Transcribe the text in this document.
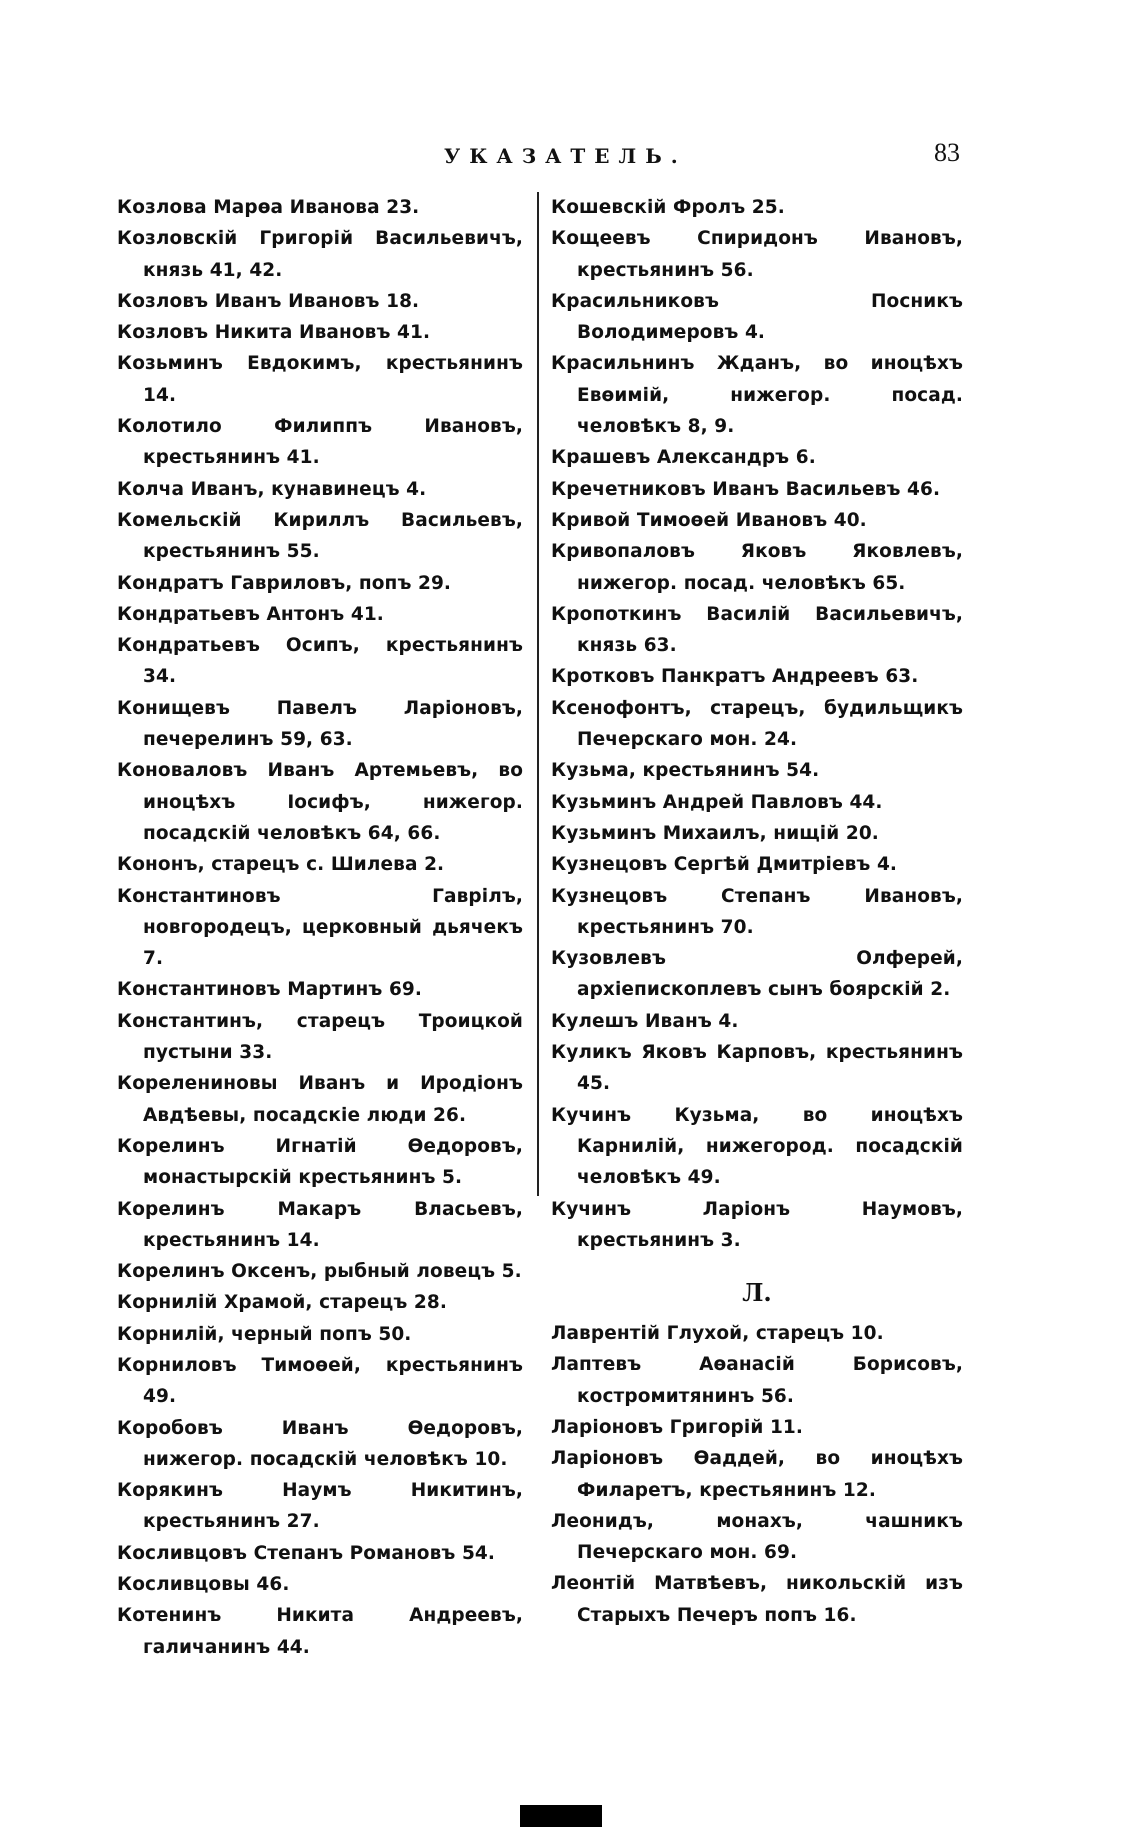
УКАЗАТЕЛЬ.	83
Козлова Марѳа Иванова 23.
Козловскій Григорій Васильевичъ, князь 41, 42.
Козловъ Иванъ Ивановъ 18.
Козловъ Никита Ивановъ 41.
Козьминъ Евдокимъ, крестьянинъ 14.
Колотило Филиппъ Ивановъ, крестьянинъ 41.
Колча Иванъ, кунавинецъ 4.
Комельскій Кириллъ Васильевъ, крестьянинъ 55.
Кондратъ Гавриловъ, попъ 29.
Кондратьевъ Антонъ 41.
Кондратьевъ Осипъ, крестьянинъ 34.
Конищевъ Павелъ Ларіоновъ, печерелинъ 59, 63.
Коноваловъ Иванъ Артемьевъ, во иноцѣхъ Іосифъ, нижегор. посадскій человѣкъ 64, 66.
Кононъ, старецъ с. Шилева 2.
Константиновъ Гаврілъ, новгородецъ, церковный дьячекъ 7.
Константиновъ Мартинъ 69.
Константинъ, старецъ Троицкой пустыни 33.
Корелениновы Иванъ и Иродіонъ Авдѣевы, посадскіе люди 26.
Корелинъ Игнатій Ѳедоровъ, монастырскій крестьянинъ 5.
Корелинъ Макаръ Власьевъ, крестьянинъ 14.
Корелинъ Оксенъ, рыбный ловецъ 5.
Корнилій Храмой, старецъ 28.
Корнилій, черный попъ 50.
Корниловъ Тимоѳей, крестьянинъ 49.
Коробовъ Иванъ Ѳедоровъ, нижегор. посадскій человѣкъ 10.
Корякинъ Наумъ Никитинъ, крестьянинъ 27.
Косливцовъ Степанъ Романовъ 54.
Косливцовы 46.
Котенинъ Никита Андреевъ, галичанинъ 44.
Кошевскій Фролъ 25.
Кощеевъ Спиридонъ Ивановъ, крестьянинъ 56.
Красильниковъ Посникъ Володимеровъ 4.
Красильнинъ Жданъ, во иноцѣхъ Евѳимій, нижегор. посад. человѣкъ 8, 9.
Крашевъ Александръ 6.
Кречетниковъ Иванъ Васильевъ 46.
Кривой Тимоѳей Ивановъ 40.
Кривопаловъ Яковъ Яковлевъ, нижегор. посад. человѣкъ 65.
Кропоткинъ Василій Васильевичъ, князь 63.
Кротковъ Панкратъ Андреевъ 63.
Ксенофонтъ, старецъ, будильщикъ Печерскаго мон. 24.
Кузьма, крестьянинъ 54.
Кузьминъ Андрей Павловъ 44.
Кузьминъ Михаилъ, нищій 20.
Кузнецовъ Сергѣй Дмитріевъ 4.
Кузнецовъ Степанъ Ивановъ, крестьянинъ 70.
Кузовлевъ Олферей, архіепископлевъ сынъ боярскій 2.
Кулешъ Иванъ 4.
Куликъ Яковъ Карповъ, крестьянинъ 45.
Кучинъ Кузьма, во иноцѣхъ Карнилій, нижегород. посадскій человѣкъ 49.
Кучинъ Ларіонъ Наумовъ, крестьянинъ 3.
Л.
Лаврентій Глухой, старецъ 10.
Лаптевъ Аѳанасій Борисовъ, костромитянинъ 56.
Ларіоновъ Григорій 11.
Ларіоновъ Ѳаддей, во иноцѣхъ Филаретъ, крестьянинъ 12.
Леонидъ, монахъ, чашникъ Печерскаго мон. 69.
Леонтій Матвѣевъ, никольскій изъ Старыхъ Печеръ попъ 16.
